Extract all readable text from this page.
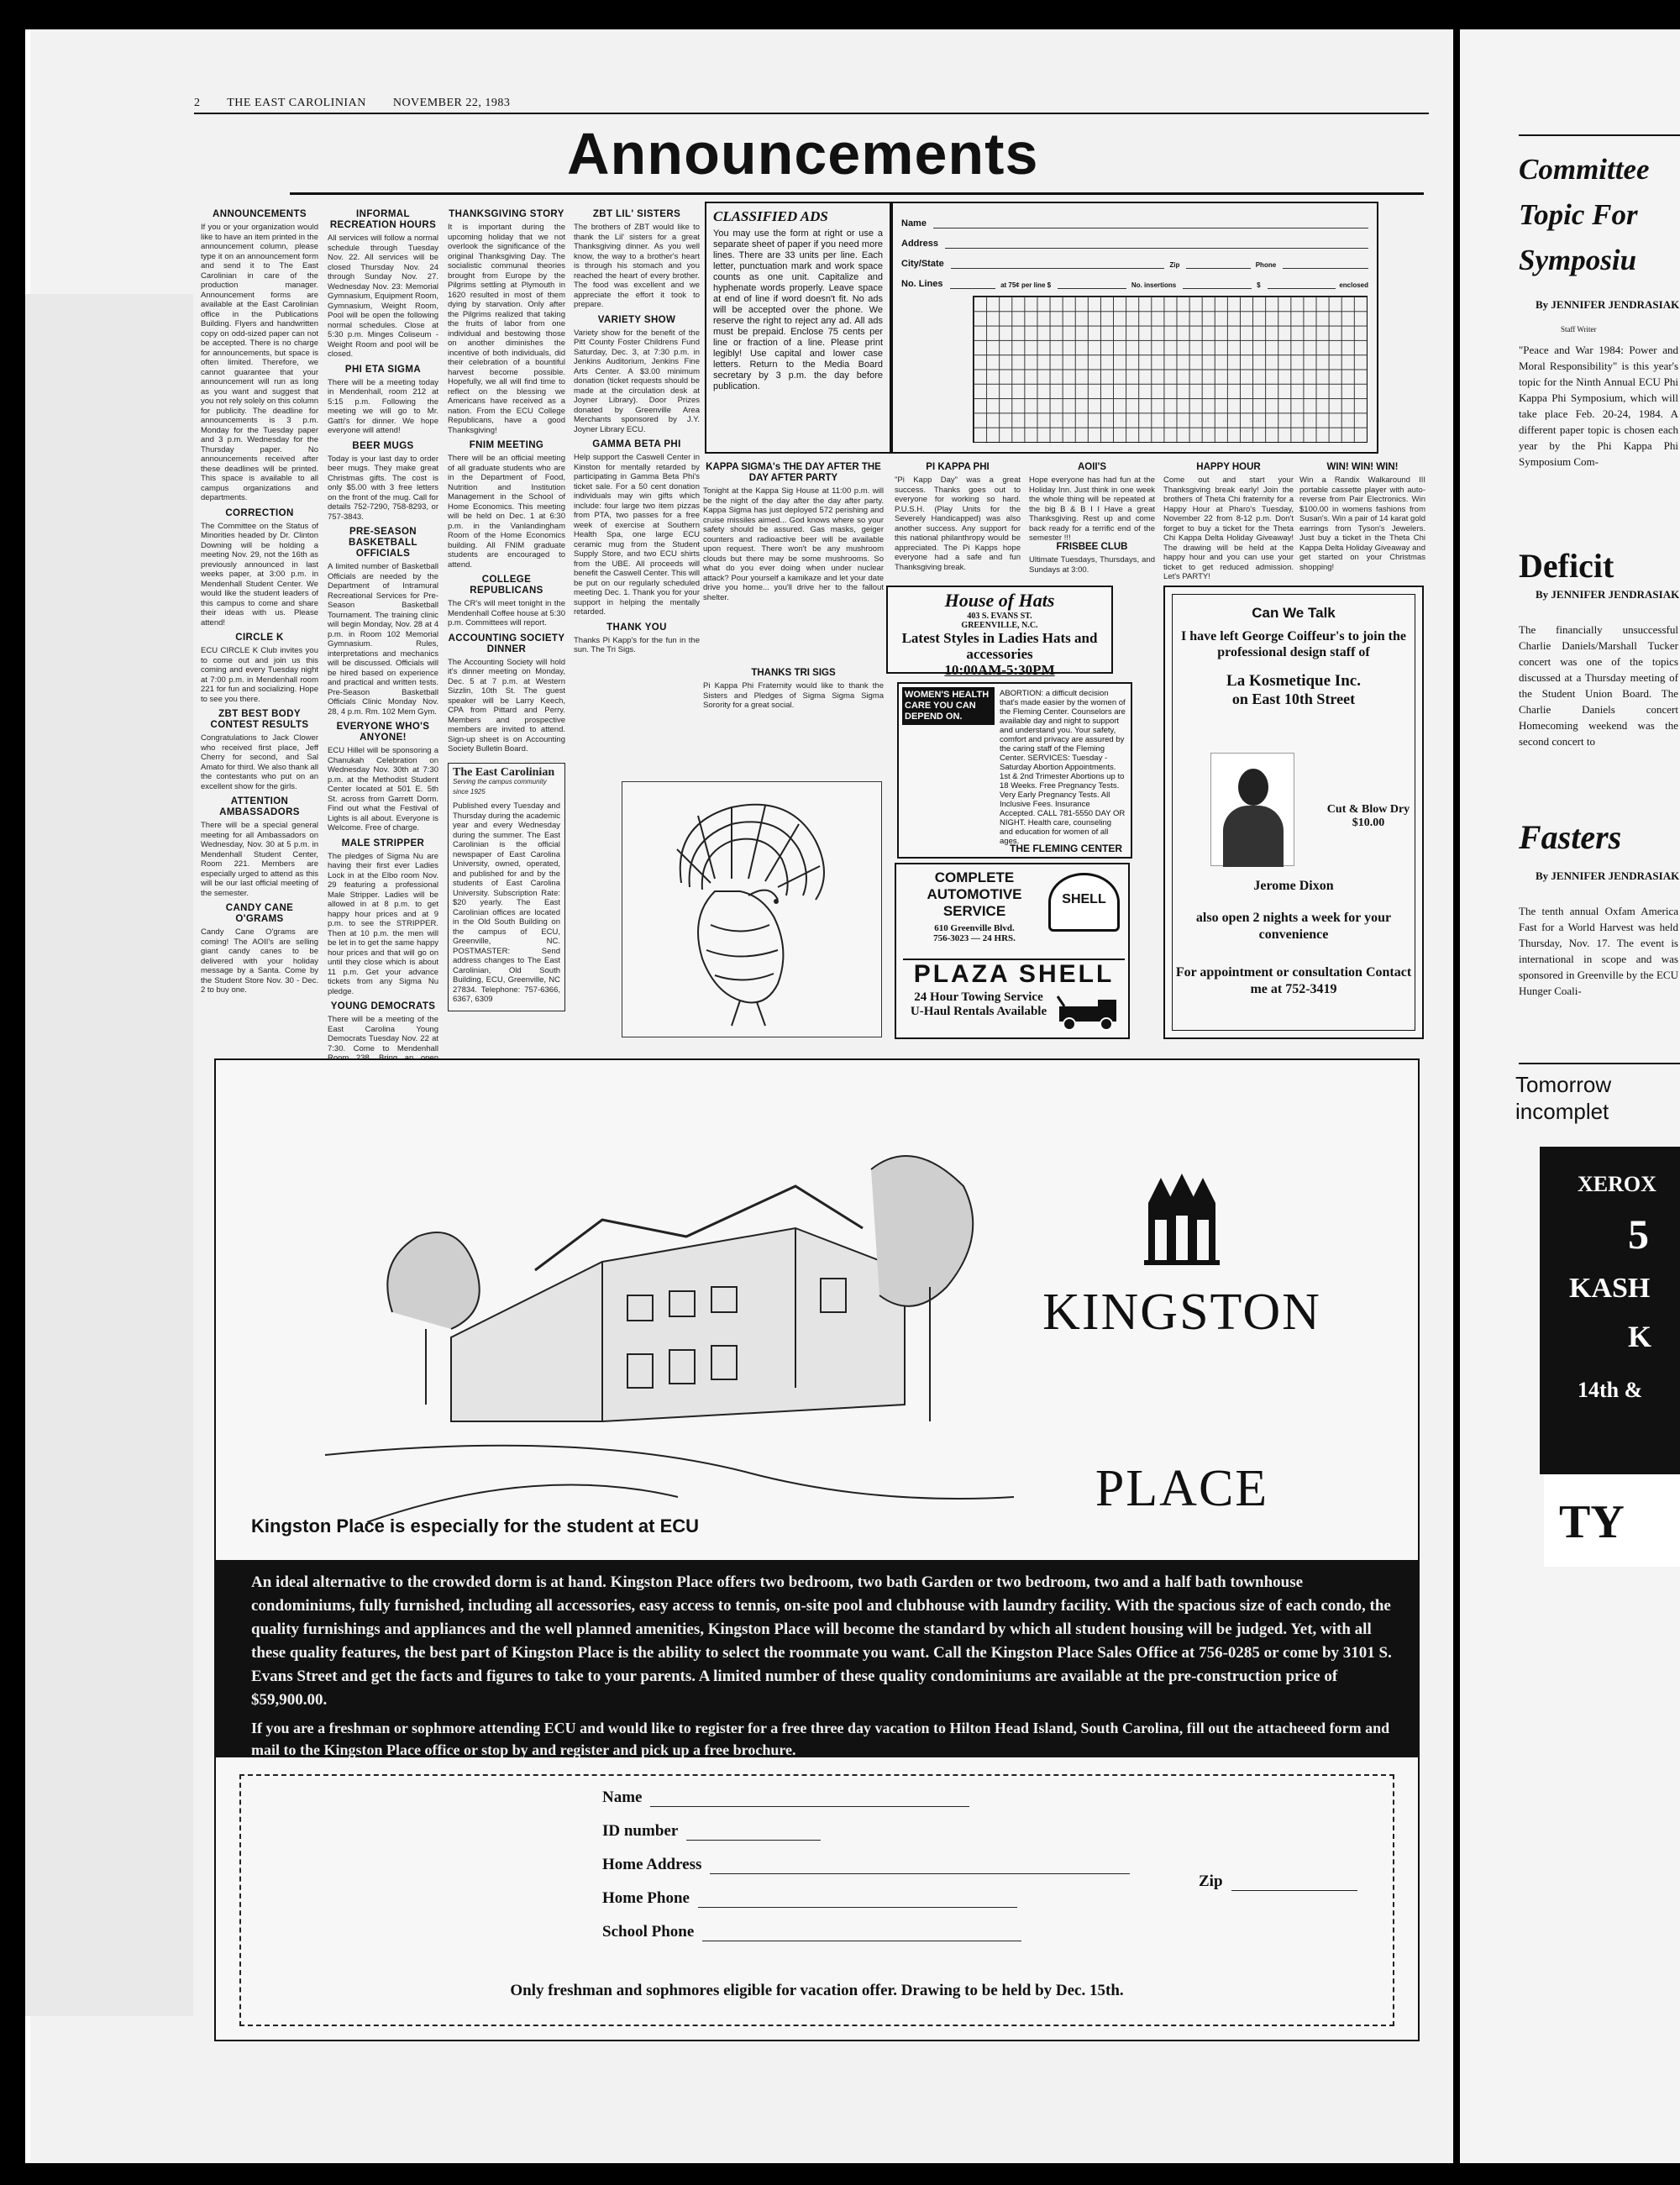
2 THE EAST CAROLINIAN NOVEMBER 22, 1983
Announcements
ANNOUNCEMENTS

If you or your organization would like to have an item printed in the announcement column, please type it on an announcement form and send it to The East Carolinian in care of the production manager. Announcement forms are available at the East Carolinian office in the Publications Building. Flyers and handwritten copy on odd-sized paper can not be accepted. There is no charge for announcements, but space is often limited. Therefore, we cannot guarantee that your announcement will run as long as you want and suggest that you not rely solely on this column for publicity. The deadline for announcements is 3 p.m. Monday for the Tuesday paper and 3 p.m. Wednesday for the Thursday paper. No announcements received after these deadlines will be printed. This space is available to all campus organizations and departments.

CORRECTION

The Committee on the Status of Minorities headed by Dr. Clinton Downing will be holding a meeting Nov. 29, not the 16th as previously announced in last weeks paper, at 3:00 p.m. in Mendenhall Student Center. We would like the student leaders of this campus to come and share their ideas with us. Please attend!

CIRCLE K

ECU CIRCLE K Club invites you to come out and join us this coming and every Tuesday night at 7:00 p.m. in Mendenhall room 221 for fun and socializing. Hope to see you there.

ZBT BEST BODY CONTEST RESULTS

Congratulations to Jack Clower who received first place, Jeff Cherry for second, and Sal Amato for third. We also thank all the contestants who put on an excellent show for the girls.

ATTENTION AMBASSADORS

There will be a special general meeting for all Ambassadors on Wednesday, Nov. 30 at 5 p.m. in Mendenhall Student Center, Room 221. Members are especially urged to attend as this will be our last official meeting of the semester.

CANDY CANE O'GRAMS

Candy Cane O'grams are coming! The AOII's are selling giant candy canes to be delivered with your holiday message by a Santa. Come by the Student Store Nov. 30 - Dec. 2 to buy one.

INFORMAL RECREATION HOURS

All services will follow a normal schedule through Tuesday Nov. 22. All services will be closed Thursday Nov. 24 through Sunday Nov. 27. Wednesday Nov. 23: Memorial Gymnasium, Equipment Room, Gymnasium, Weight Room, Pool will be open the following normal schedules. Close at 5:30 p.m. Minges Coliseum - Weight Room and pool will be closed.

PHI ETA SIGMA

There will be a meeting today in Mendenhall, room 212 at 5:15 p.m. Following the meeting we will go to Mr. Gatti's for dinner. We hope everyone will attend!

BEER MUGS

Today is your last day to order beer mugs. They make great Christmas gifts. The cost is only $5.00 with 3 free letters on the front of the mug. Call for details 752-7290, 758-8293, or 757-3843.

PRE-SEASON BASKETBALL OFFICIALS

A limited number of Basketball Officials are needed by the Department of Intramural Recreational Services for Pre-Season Basketball Tournament. The training clinic will begin Monday, Nov. 28 at 4 p.m. in Room 102 Memorial Gymnasium. Rules, interpretations and mechanics will be discussed. Officials will be hired based on experience and practical and written tests. Pre-Season Basketball Officials Clinic Monday Nov. 28, 4 p.m. Rm. 102 Mem Gym.

EVERYONE WHO'S ANYONE!

ECU Hillel will be sponsoring a Chanukah Celebration on Wednesday Nov. 30th at 7:30 p.m. at the Methodist Student Center located at 501 E. 5th St. across from Garrett Dorm. Find out what the Festival of Lights is all about. Everyone is Welcome. Free of charge.

MALE STRIPPER

The pledges of Sigma Nu are having their first ever Ladies Lock in at the Elbo room Nov. 29 featuring a professional Male Stripper. Ladies will be allowed in at 8 p.m. to get happy hour prices and at 9 p.m. to see the STRIPPER. Then at 10 p.m. the men will be let in to get the same happy hour prices and that will go on until they close which is about 11 p.m. Get your advance tickets from any Sigma Nu pledge.

YOUNG DEMOCRATS

There will be a meeting of the East Carolina Young Democrats Tuesday Nov. 22 at 7:30. Come to Mendenhall

THANKSGIVING STORY

It is important during the upcoming holiday that we not overlook the significance of the original Thanksgiving Day. The socialistic communal theories brought from Europe by the Pilgrims settling at Plymouth in 1620 resulted in most of them dying by starvation. Only after the Pilgrims realized that taking the fruits of labor from one individual and bestowing those on another diminishes the incentive of both individuals, did their celebration of a bountiful harvest become possible. Hopefully, we all will find time to reflect on the blessing we Americans have received as a nation. From the ECU College Republicans, have a good Thanksgiving!

FNIM MEETING

There will be an official meeting of all graduate students who are in the Department of Food, Nutrition and Institution Management in the School of Home Economics. This meeting will be held on Dec. 1 at 6:30 p.m. in the Vanlandingham Room of the Home Economics building. All FNIM graduate students are encouraged to attend.

COLLEGE REPUBLICANS

The CR's will meet tonight in the Mendenhall Coffee house at 5:30 p.m. Committees will report.

ACCOUNTING SOCIETY DINNER

The Accounting Society will hold it's dinner meeting on Monday, Dec. 5 at 7 p.m. at Western Sizzlin, 10th St. The guest speaker will be Larry Keech, CPA from Pittard and Perry. Members and prospective members are invited to attend. Sign-up sheet is on Accounting Society Bulletin Board.

The East Carolinian
Serving the campus community since 1925

Published every Tuesday and Thursday during the academic year and every Wednesday during the summer. The East Carolinian is the official newspaper of East Carolina University, owned, operated, and published for and by the students of East Carolina University. Subscription Rate: $20 yearly. The East Carolinian offices are located in the Old South Building on the campus of ECU, Greenville, NC. POSTMASTER: Send address changes to The East Carolinian, Old South Building, ECU, Greenville, NC 27834. Telephone: 757-6366, 6367, 6309

ZBT LIL' SISTERS

The brothers of ZBT would like to thank the Lil' sisters for a great Thanksgiving dinner. As you well know, the way to a brother's heart is through his stomach and you reached the heart of every brother. The food was excellent and we appreciate the effort it took to prepare.

VARIETY SHOW

Variety show for the benefit of the Pitt County Foster Childrens Fund Saturday, Dec. 3, at 7:30 p.m. in Jenkins Auditorium, Jenkins Fine Arts Center. A $3.00 minimum donation (ticket requests should be made at the circulation desk at Joyner Library). Door Prizes donated by Greenville Area Merchants sponsored by J.Y. Joyner Library ECU.

GAMMA BETA PHI

Help support the Caswell Center in Kinston for mentally retarded by participating in Gamma Beta Phi's ticket sale. For a 50 cent donation individuals may win gifts which include: four large two item pizzas from PTA, two passes for a free week of exercise at Southern Health Spa, one large ECU ceramic mug from the Student Supply Store, and two ECU shirts from the UBE. All proceeds will benefit the Caswell Center. This will be put on our regularly scheduled meeting Dec. 1. Thank you for your support in helping the mentally retarded.

THANK YOU

Thanks Pi Kapp's for the fun in the sun. The Tri Sigs.

CLASSIFIED ADS

You may use the form at right or use a separate sheet of paper if you need more lines. There are 33 units per line. Each letter, punctuation mark and work space counts as one unit. Capitalize and hyphenate words properly. Leave space at end of line if word doesn't fit. No ads will be accepted over the phone. We reserve the right to reject any ad. All ads must be prepaid. Enclose 75 cents per line or fraction of a line. Please print legibly! Use capital and lower case letters. Return to the Media Board secretary by 3 p.m. the day before publication.

Name
Address
City/State	Zip	Phone
No. Lines	at 75¢ per line $	No. insertions	$	enclosed
KAPPA SIGMA's THE DAY AFTER THE DAY AFTER PARTY

Tonight at the Kappa Sig House at 11:00 p.m. will be the night of the day after the day after party. Kappa Sigma has just deployed 572 perishing and cruise missiles aimed... God knows where so your safety should be assured. Gas masks, geiger counters and radioactive beer will be available upon request. There won't be any mushroom clouds but there may be some mushrooms. So what do you ever doing when under nuclear attack? Pour yourself a kamikaze and let your date drive you home... you'll drive her to the fallout shelter.

THANKS TRI SIGS

Pi Kappa Phi Fraternity would like to thank the Sisters and Pledges of Sigma Sigma Sigma Sorority for a great social.

PI KAPPA PHI

"Pi Kapp Day" was a great success. Thanks goes out to everyone for working so hard. P.U.S.H. (Play Units for the Severely Handicapped) was also another success. Any support for this national philanthropy would be appreciated. The Pi Kapps hope everyone had a safe and fun Thanksgiving break.

AOII'S

Hope everyone has had fun at the Holiday Inn. Just think in one week the whole thing will be repeated at the big B & B I I Have a great Thanksgiving. Rest up and come back ready for a terrific end of the semester !!!

FRISBEE CLUB

Ultimate Tuesdays, Thursdays, and Sundays at 3:00.

HAPPY HOUR

Come out and start your Thanksgiving break early! Join the brothers of Theta Chi fraternity for a Happy Hour at Pharo's Tuesday, November 22 from 8-12 p.m. Don't forget to buy a ticket for the Theta Chi Kappa Delta Holiday Giveaway! The drawing will be held at the happy hour and you can use your ticket to get reduced admission. Let's PARTY!

WIN! WIN! WIN!

Win a Randix Walkaround III portable cassette player with auto-reverse from Pair Electronics. Win $100.00 in womens fashions from Susan's. Win a pair of 14 karat gold earrings from Tyson's Jewelers. Just buy a ticket in the Theta Chi Kappa Delta Holiday Giveaway and get started on your Christmas shopping!

House of Hats
403 S. EVANS ST.
GREENVILLE, N.C.
Latest Styles in Ladies Hats and accessories
10:00AM-5:30PM
WOMEN'S HEALTH CARE YOU CAN DEPEND ON.
ABORTION: a difficult decision that's made easier by the women of the Fleming Center. Counselors are available day and night to support and understand you. Your safety, comfort and privacy are assured by the caring staff of the Fleming Center. SERVICES: Tuesday - Saturday Abortion Appointments. 1st & 2nd Trimester Abortions up to 18 Weeks. Free Pregnancy Tests. Very Early Pregnancy Tests. All Inclusive Fees. Insurance Accepted. CALL 781-5550 DAY OR NIGHT. Health care, counseling and education for women of all ages.
THE FLEMING CENTER
COMPLETE AUTOMOTIVE SERVICE
610 Greenville Blvd.
756-3023 — 24 HRS.
SHELL
PLAZA SHELL
24 Hour Towing Service
U-Haul Rentals Available
Can We Talk
I have left George Coiffeur's to join the professional design staff of
La Kosmetique Inc.
on East 10th Street
Cut & Blow Dry $10.00
Jerome Dixon
also open 2 nights a week for your convenience
For appointment or consultation Contact me at 752-3419
KINGSTON
PLACE
Kingston Place is especially for the student at ECU
An ideal alternative to the crowded dorm is at hand. Kingston Place offers two bedroom, two bath Garden or two bedroom, two and a half bath townhouse condominiums, fully furnished, including all accessories, easy access to tennis, on-site pool and clubhouse with laundry facility. With the spacious size of each condo, the quality furnishings and appliances and the well planned amenities, Kingston Place will become the standard by which all student housing will be judged. Yet, with all these quality features, the best part of Kingston Place is the ability to select the roommate you want. Call the Kingston Place Sales Office at 756-0285 or come by 3101 S. Evans Street and get the facts and figures to take to your parents. A limited number of these quality condominiums are available at the pre-construction price of $59,900.00.
If you are a freshman or sophmore attending ECU and would like to register for a free three day vacation to Hilton Head Island, South Carolina, fill out the attacheeed form and mail to the Kingston Place office or stop by and register and pick up a free brochure.
Name
ID number
Home Address
Zip
Home Phone
School Phone
Only freshman and sophmores eligible for vacation offer. Drawing to be held by Dec. 15th.
Committee
Topic For
Symposiu
By JENNIFER JENDRASIAK
Staff Writer
"Peace and War 1984: Power and Moral Responsibility" is this year's topic for the Ninth Annual ECU Phi Kappa Phi Symposium, which will take place Feb. 20-24, 1984. A different paper topic is chosen each year by the Phi Kappa Phi Symposium Com-
Deficit
By JENNIFER JENDRASIAK
The financially unsuccessful Charlie Daniels/Marshall Tucker concert was one of the topics discussed at a Thursday meeting of the Student Union Board. The Charlie Daniels concert Homecoming weekend was the second concert to
Fasters
By JENNIFER JENDRASIAK
The tenth annual Oxfam America Fast for a World Harvest was held Thursday, Nov. 17. The event is international in scope and was sponsored in Greenville by the ECU Hunger Coali-
Tomorrow incomplet
XEROX
5
KASH
K
14th &
TY
